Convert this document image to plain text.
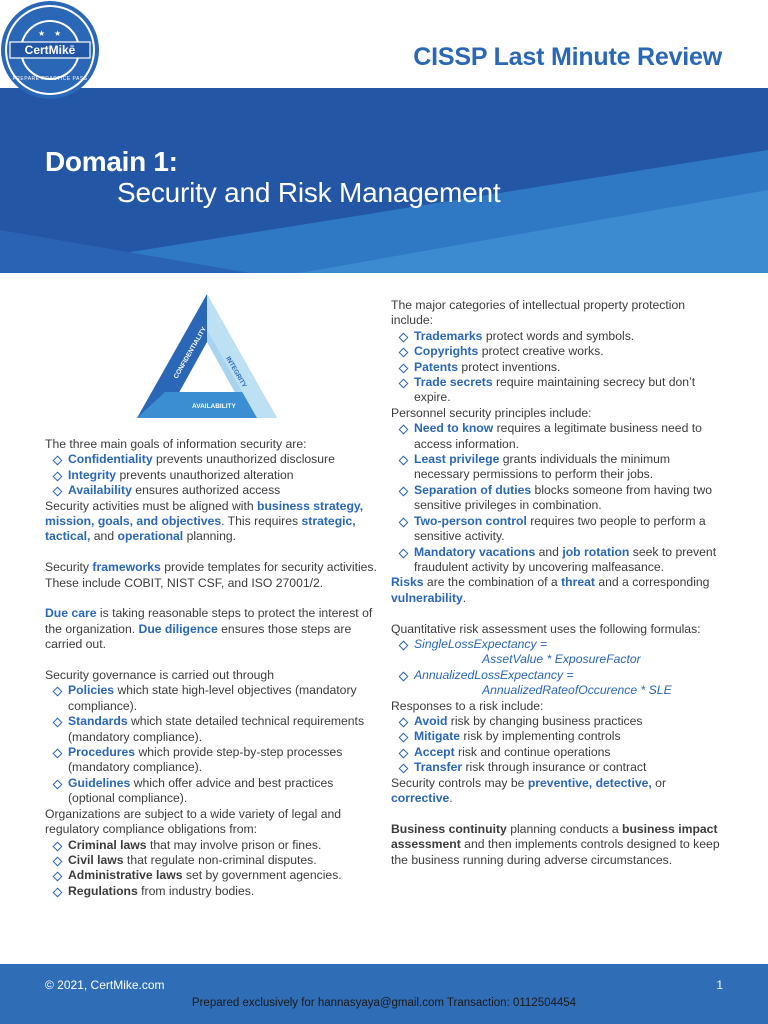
CertMikē
PREPARE PRACTICE PASS
★ ★
CISSP Last Minute Review
Domain 1:
Security and Risk Management
CONFIDENTIALITY	INTEGRITY
AVAILABILITY
The three main goals of information security are:
Confidentiality prevents unauthorized disclosure
Integrity prevents unauthorized alteration
Availability ensures authorized access
Security activities must be aligned with business strategy, mission, goals, and objectives. This requires strategic, tactical, and operational planning.
Security frameworks provide templates for security activities. These include COBIT, NIST CSF, and ISO 27001/2.
Due care is taking reasonable steps to protect the interest of the organization. Due diligence ensures those steps are carried out.
Security governance is carried out through
Policies which state high-level objectives (mandatory compliance).
Standards which state detailed technical requirements (mandatory compliance).
Procedures which provide step-by-step processes (mandatory compliance).
Guidelines which offer advice and best practices (optional compliance).
Organizations are subject to a wide variety of legal and regulatory compliance obligations from:
Criminal laws that may involve prison or fines.
Civil laws that regulate non-criminal disputes.
Administrative laws set by government agencies.
Regulations from industry bodies.
The major categories of intellectual property protection include:
Trademarks protect words and symbols.
Copyrights protect creative works.
Patents protect inventions.
Trade secrets require maintaining secrecy but don’t expire.
Personnel security principles include:
Need to know requires a legitimate business need to access information.
Least privilege grants individuals the minimum necessary permissions to perform their jobs.
Separation of duties blocks someone from having two sensitive privileges in combination.
Two-person control requires two people to perform a sensitive activity.
Mandatory vacations and job rotation seek to prevent fraudulent activity by uncovering malfeasance.
Risks are the combination of a threat and a corresponding vulnerability.
Quantitative risk assessment uses the following formulas:
SingleLossExpectancy =
AssetValue * ExposureFactor
AnnualizedLossExpectancy =
AnnualizedRateofOccurence * SLE
Responses to a risk include:
Avoid risk by changing business practices
Mitigate risk by implementing controls
Accept risk and continue operations
Transfer risk through insurance or contract
Security controls may be preventive, detective, or corrective.
Business continuity planning conducts a business impact assessment and then implements controls designed to keep the business running during adverse circumstances.
© 2021, CertMike.com	1
Prepared exclusively for hannasyaya@gmail.com Transaction: 0112504454
